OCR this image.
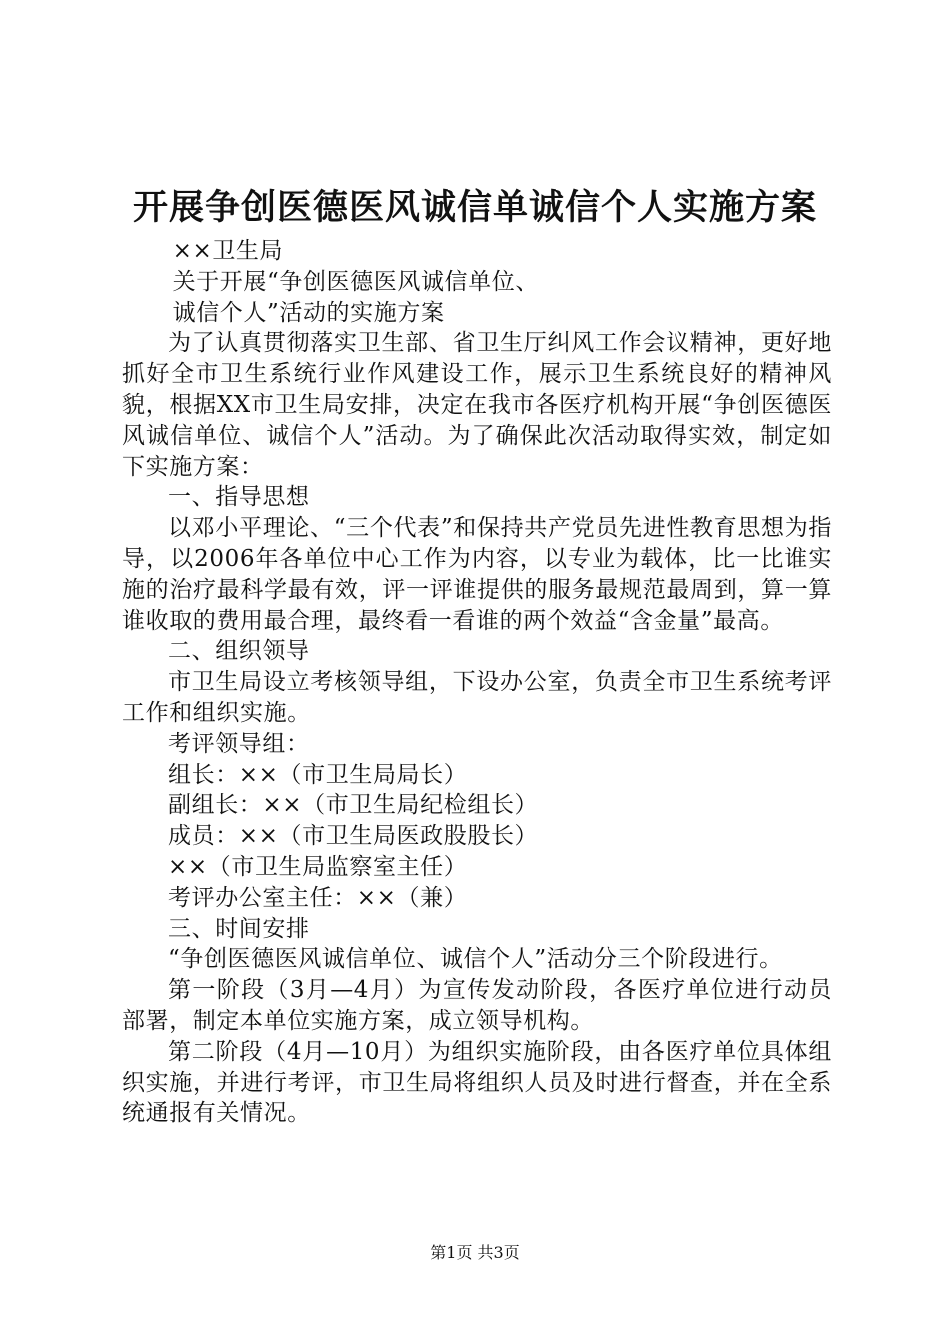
开展争创医德医风诚信单诚信个人实施方案

××卫生局

关于开展“争创医德医风诚信单位、

诚信个人”活动的实施方案

为了认真贯彻落实卫生部、省卫生厅纠风工作会议精神，更好地抓好全市卫生系统行业作风建设工作，展示卫生系统良好的精神风貌，根据XX市卫生局安排，决定在我市各医疗机构开展“争创医德医风诚信单位、诚信个人”活动。为了确保此次活动取得实效，制定如下实施方案：

一、指导思想

以邓小平理论、“三个代表”和保持共产党员先进性教育思想为指导，以2006年各单位中心工作为内容，以专业为载体，比一比谁实施的治疗最科学最有效，评一评谁提供的服务最规范最周到，算一算谁收取的费用最合理，最终看一看谁的两个效益“含金量”最高。

二、组织领导

市卫生局设立考核领导组，下设办公室，负责全市卫生系统考评工作和组织实施。

考评领导组：

组长：××（市卫生局局长）

副组长：××（市卫生局纪检组长）

成员：××（市卫生局医政股股长）

××（市卫生局监察室主任）

考评办公室主任：××（兼）

三、时间安排

“争创医德医风诚信单位、诚信个人”活动分三个阶段进行。

第一阶段（3月—4月）为宣传发动阶段，各医疗单位进行动员部署，制定本单位实施方案，成立领导机构。

第二阶段（4月—10月）为组织实施阶段，由各医疗单位具体组织实施，并进行考评，市卫生局将组织人员及时进行督查，并在全系统通报有关情况。

第1页 共3页
